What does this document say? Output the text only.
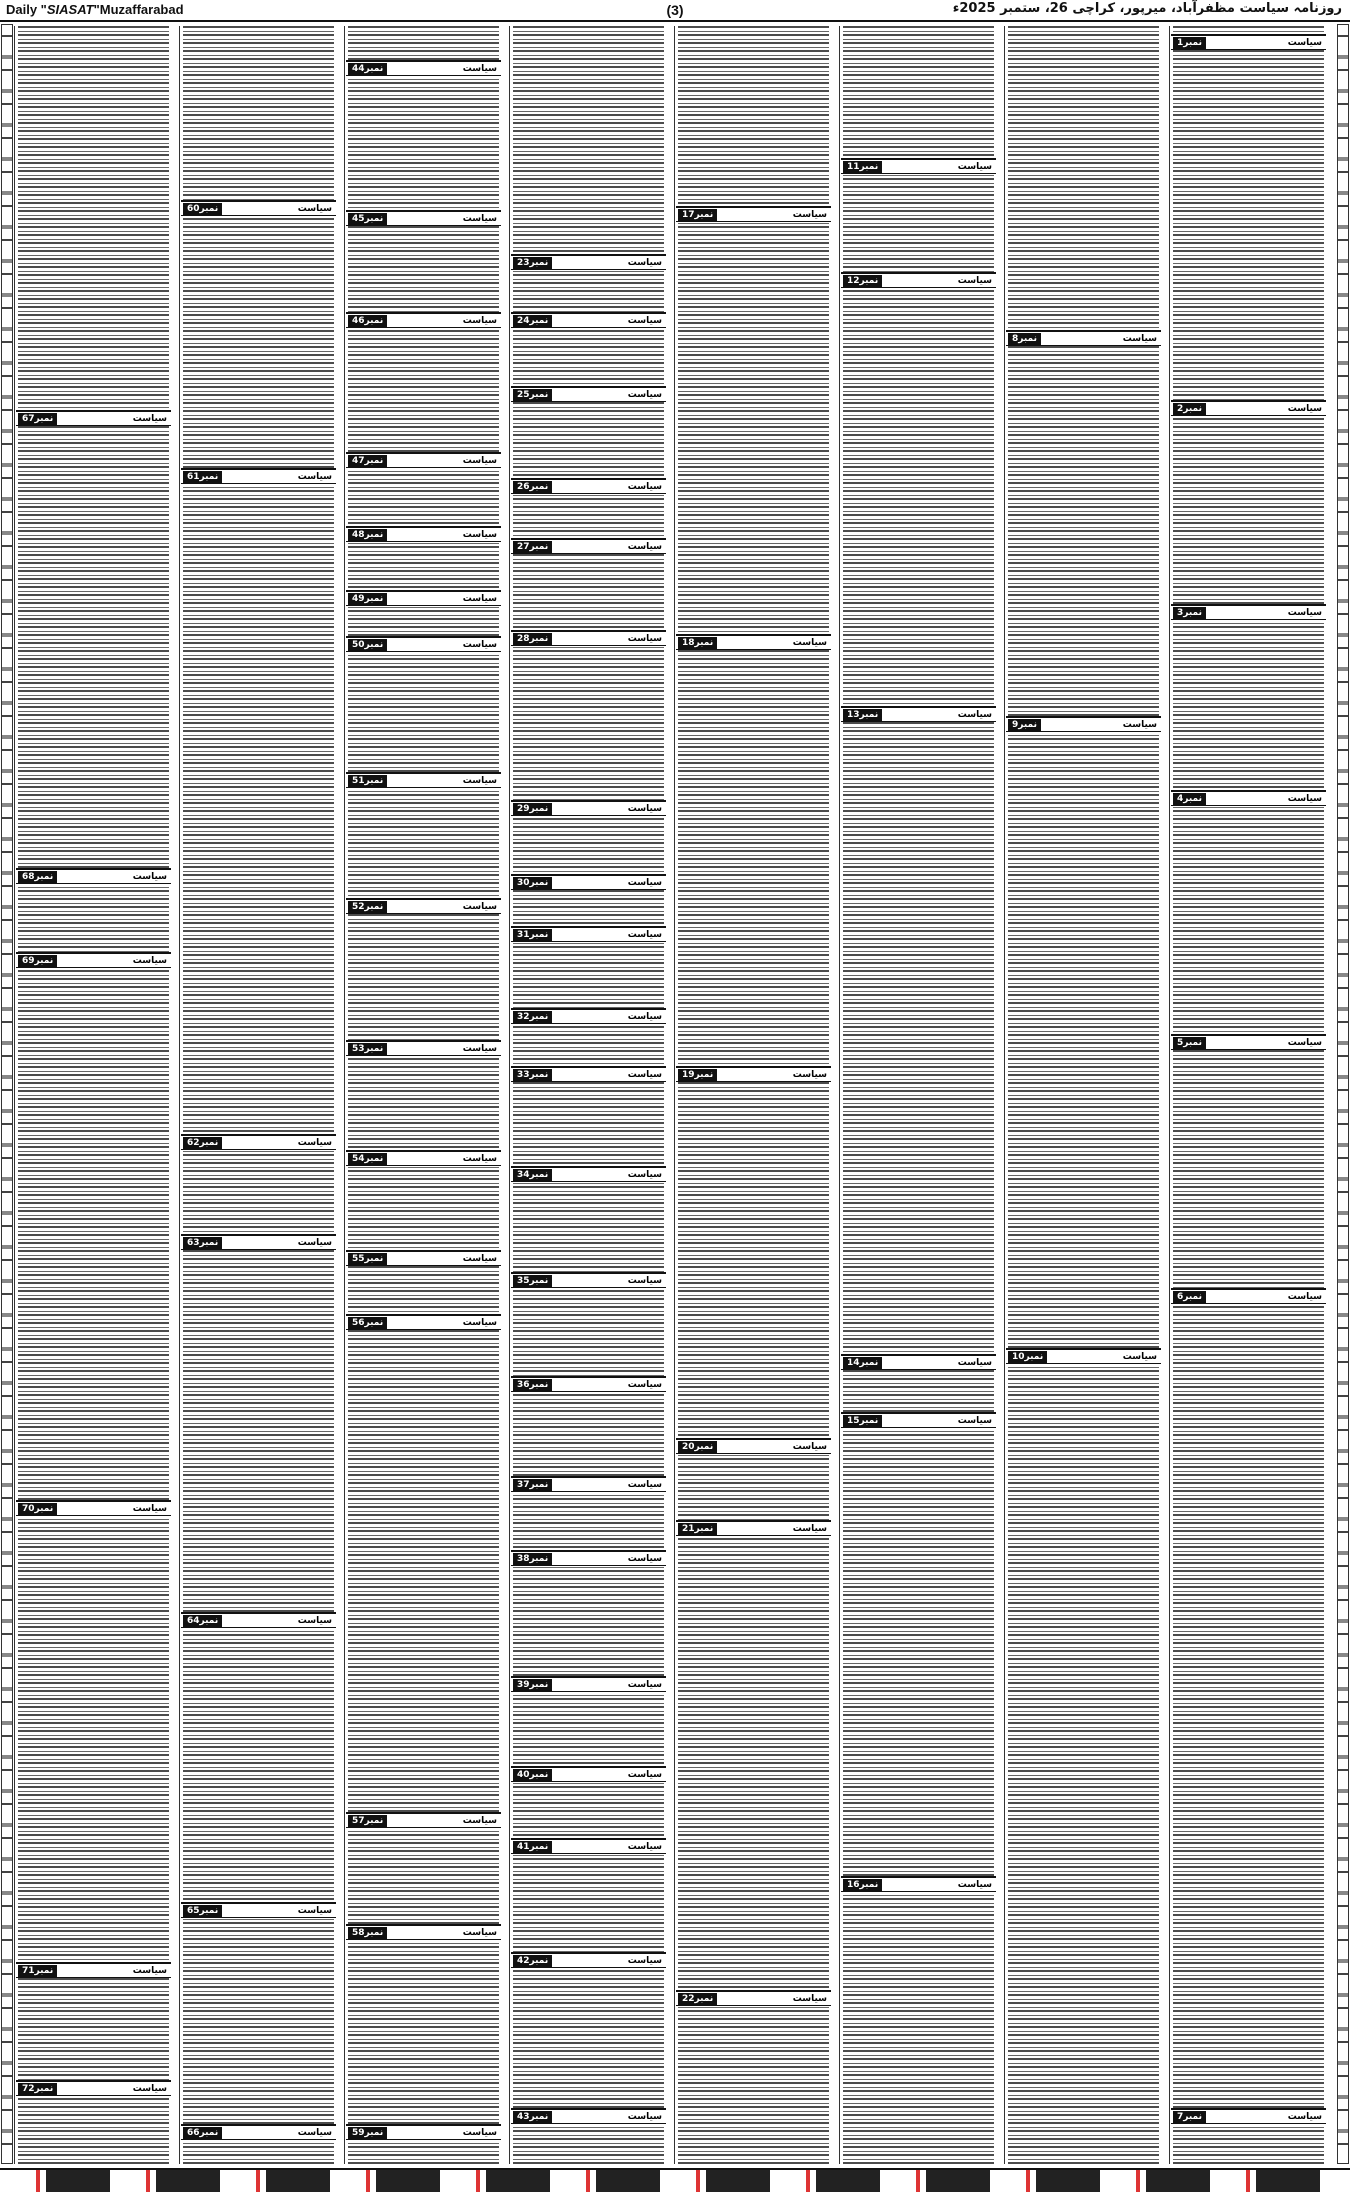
Daily "SIASAT"Muzaffarabad	(3)	روزنامہ سیاست مظفرآباد، میرپور، کراچی 26، ستمبر 2025ء
نمبر67	سیاست
نمبر68	سیاست
نمبر69	سیاست
نمبر70	سیاست
نمبر71	سیاست
نمبر72	سیاست
نمبر60	سیاست
نمبر61	سیاست
نمبر62	سیاست
نمبر63	سیاست
نمبر64	سیاست
نمبر65	سیاست
نمبر66	سیاست
نمبر44	سیاست
نمبر45	سیاست
نمبر46	سیاست
نمبر47	سیاست
نمبر48	سیاست
نمبر49	سیاست
نمبر50	سیاست
نمبر51	سیاست
نمبر52	سیاست
نمبر53	سیاست
نمبر54	سیاست
نمبر55	سیاست
نمبر56	سیاست
نمبر57	سیاست
نمبر58	سیاست
نمبر59	سیاست
نمبر23	سیاست
نمبر24	سیاست
نمبر25	سیاست
نمبر26	سیاست
نمبر27	سیاست
نمبر28	سیاست
نمبر29	سیاست
نمبر30	سیاست
نمبر31	سیاست
نمبر32	سیاست
نمبر33	سیاست
نمبر34	سیاست
نمبر35	سیاست
نمبر36	سیاست
نمبر37	سیاست
نمبر38	سیاست
نمبر39	سیاست
نمبر40	سیاست
نمبر41	سیاست
نمبر42	سیاست
نمبر43	سیاست
نمبر17	سیاست
نمبر18	سیاست
نمبر19	سیاست
نمبر20	سیاست
نمبر21	سیاست
نمبر22	سیاست
نمبر11	سیاست
نمبر12	سیاست
نمبر13	سیاست
نمبر14	سیاست
نمبر15	سیاست
نمبر16	سیاست
نمبر8	سیاست
نمبر9	سیاست
نمبر10	سیاست
نمبر1	سیاست
نمبر2	سیاست
نمبر3	سیاست
نمبر4	سیاست
نمبر5	سیاست
نمبر6	سیاست
نمبر7	سیاست
